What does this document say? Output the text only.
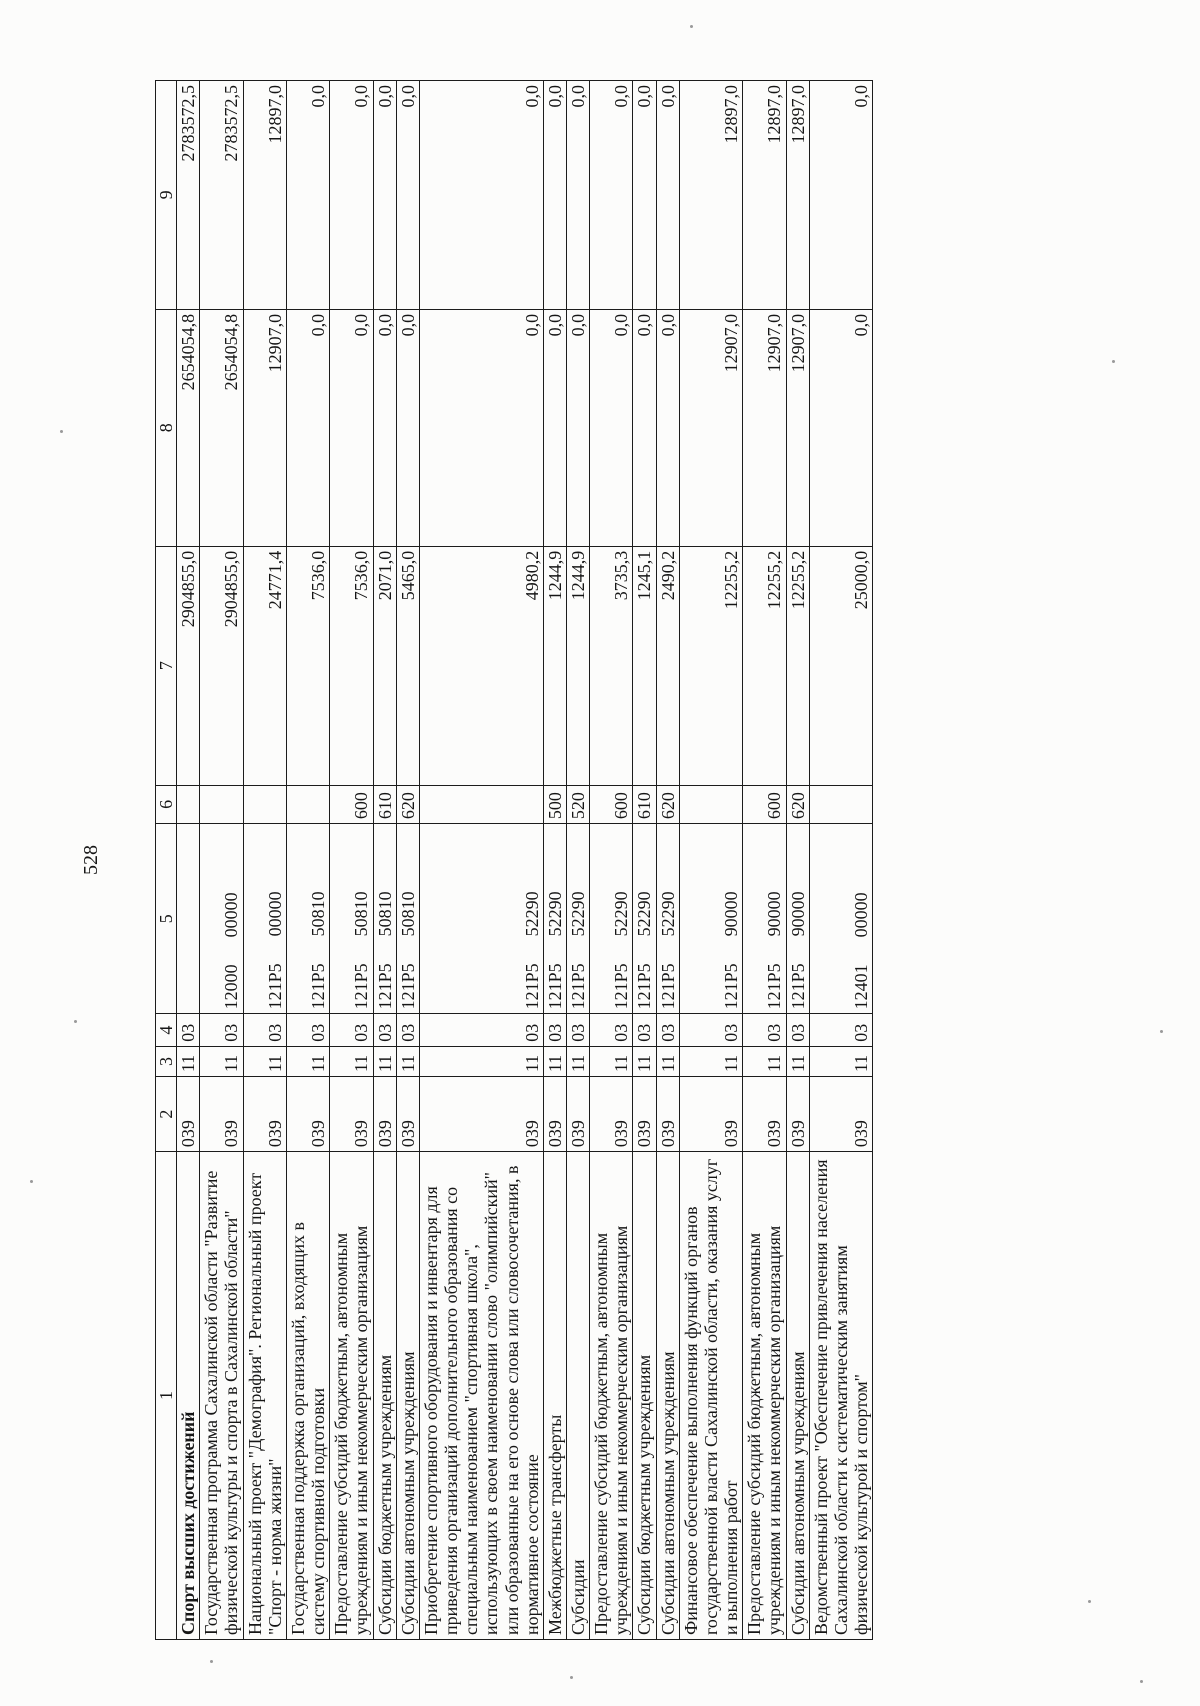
528
1	2	3	4	5	6	7	8	9
Спорт высших достижений	039	11	03			2904855,0	2654054,8	2783572,5
Государственная программа Сахалинской области "Развитие физической культуры и спорта в Сахалинской области"	039	11	03	12000      00000		2904855,0	2654054,8	2783572,5
Национальный проект "Демография". Региональный проект "Спорт - норма жизни"	039	11	03	121Р5      00000		24771,4	12907,0	12897,0
Государственная поддержка организаций, входящих в систему спортивной подготовки	039	11	03	121Р5      50810		7536,0	0,0	0,0
Предоставление субсидий бюджетным, автономным учреждениям и иным некоммерческим организациям	039	11	03	121Р5      50810	600	7536,0	0,0	0,0
Субсидии бюджетным учреждениям	039	11	03	121Р5      50810	610	2071,0	0,0	0,0
Субсидии автономным учреждениям	039	11	03	121Р5      50810	620	5465,0	0,0	0,0
Приобретение спортивного оборудования и инвентаря для приведения организаций дополнительного образования со специальным наименованием "спортивная школа", использующих в своем наименовании слово "олимпийский" или образованные на его основе слова или словосочетания, в нормативное состояние	039	11	03	121Р5      52290		4980,2	0,0	0,0
Межбюджетные трансферты	039	11	03	121Р5      52290	500	1244,9	0,0	0,0
Субсидии	039	11	03	121Р5      52290	520	1244,9	0,0	0,0
Предоставление субсидий бюджетным, автономным учреждениям и иным некоммерческим организациям	039	11	03	121Р5      52290	600	3735,3	0,0	0,0
Субсидии бюджетным учреждениям	039	11	03	121Р5      52290	610	1245,1	0,0	0,0
Субсидии автономным учреждениям	039	11	03	121Р5      52290	620	2490,2	0,0	0,0
Финансовое обеспечение выполнения функций органов государственной власти Сахалинской области, оказания услуг и выполнения работ	039	11	03	121Р5      90000		12255,2	12907,0	12897,0
Предоставление субсидий бюджетным, автономным учреждениям и иным некоммерческим организациям	039	11	03	121Р5      90000	600	12255,2	12907,0	12897,0
Субсидии автономным учреждениям	039	11	03	121Р5      90000	620	12255,2	12907,0	12897,0
Ведомственный проект "Обеспечение привлечения населения Сахалинской области к систематическим занятиям физической культурой и спортом"	039	11	03	12401      00000		25000,0	0,0	0,0
